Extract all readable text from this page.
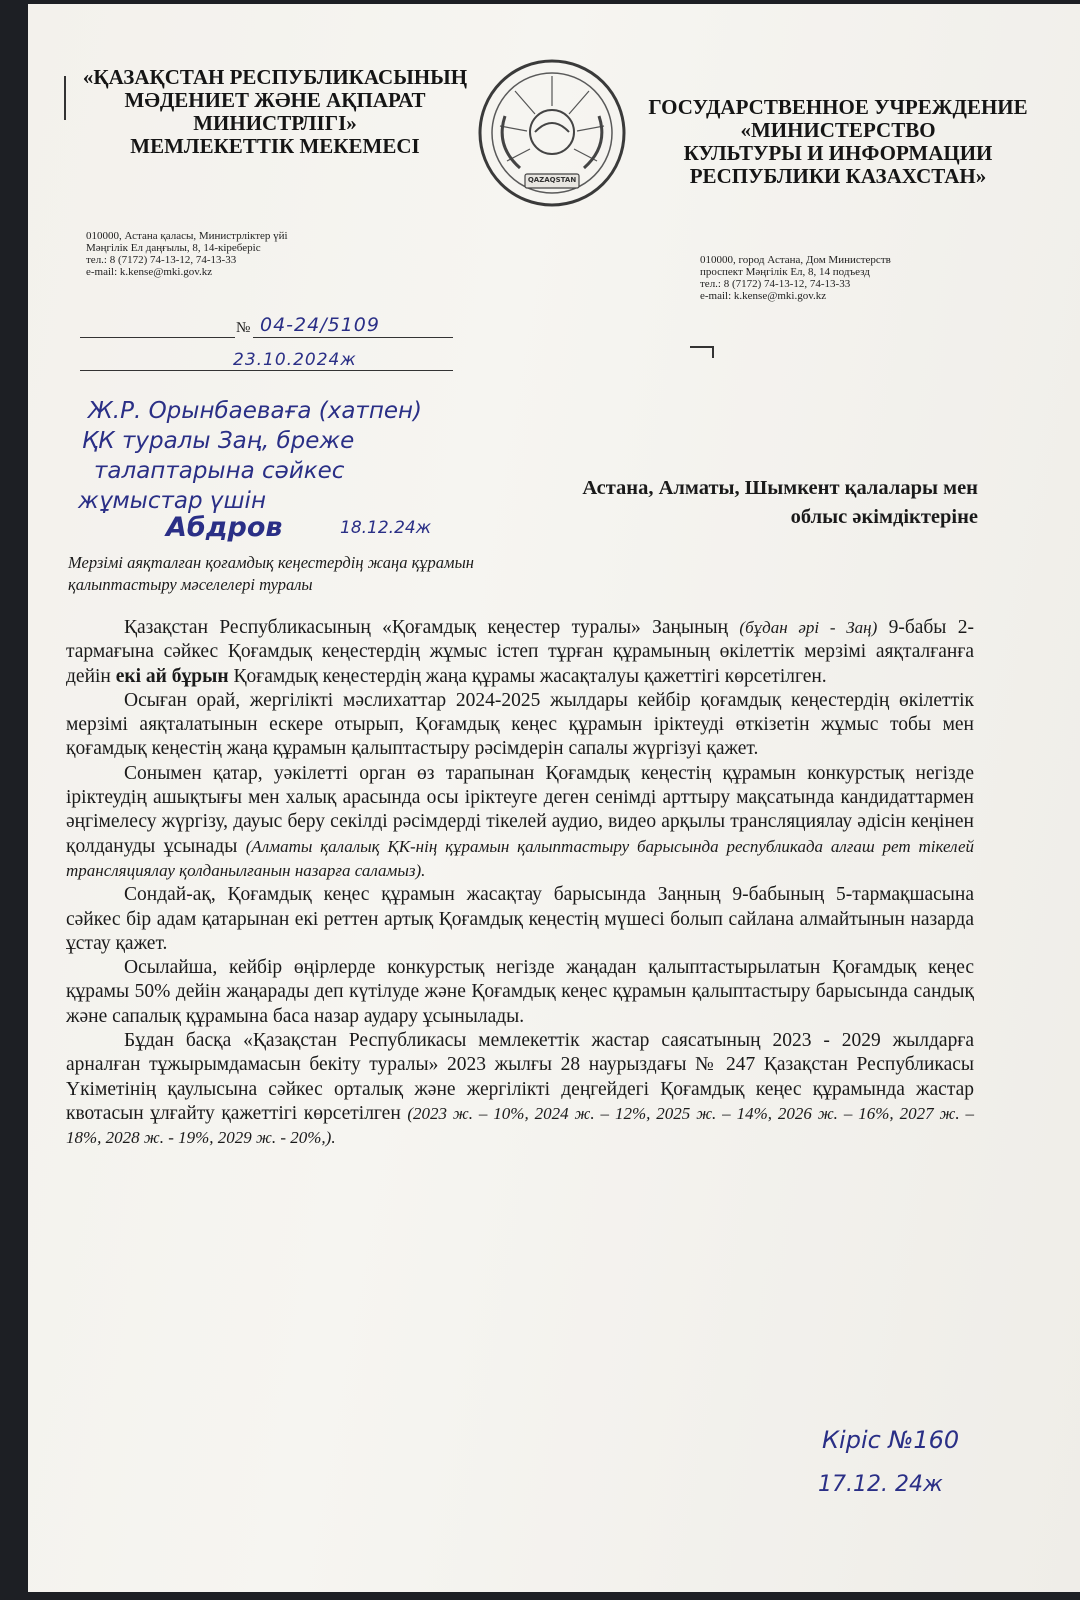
«ҚАЗАҚСТАН РЕСПУБЛИКАСЫНЫҢ
МӘДЕНИЕТ ЖӘНЕ АҚПАРАТ
МИНИСТРЛІГІ»
МЕМЛЕКЕТТІК МЕКЕМЕСІ
QAZAQSTAN
ГОСУДАРСТВЕННОЕ УЧРЕЖДЕНИЕ
«МИНИСТЕРСТВО
КУЛЬТУРЫ И ИНФОРМАЦИИ
РЕСПУБЛИКИ КАЗАХСТАН»
010000, Астана қаласы, Министрліктер үйі
Мәңгілік Ел даңғылы, 8, 14-кіреберіс
тел.: 8 (7172) 74-13-12, 74-13-33
e-mail: k.kense@mki.gov.kz
010000, город Астана, Дом Министерств
проспект Мәңгілік Ел, 8, 14 подъезд
тел.: 8 (7172) 74-13-12, 74-13-33
e-mail: k.kense@mki.gov.kz
№ 04-24/5109
23.10.2024ж
Ж.Р. Орынбаеваға (хатпен)
ҚК туралы Заң, бреже
талаптарына сәйкес
жұмыстар үшін
Абдров	18.12.24ж
Астана, Алматы, Шымкент қалалары мен
облыс әкімдіктеріне
Мерзімі аяқталған қоғамдық кеңестердің жаңа құрамын
қалыптастыру мәселелері туралы

Қазақстан Республикасының «Қоғамдық кеңестер туралы» Заңының (бұдан әрі - Заң) 9-бабы 2-тармағына сәйкес Қоғамдық кеңестердің жұмыс істеп тұрған құрамының өкілеттік мерзімі аяқталғанға дейін екі ай бұрын Қоғамдық кеңестердің жаңа құрамы жасақталуы қажеттігі көрсетілген.

Осыған орай, жергілікті мәслихаттар 2024-2025 жылдары кейбір қоғамдық кеңестердің өкілеттік мерзімі аяқталатынын ескере отырып, Қоғамдық кеңес құрамын іріктеуді өткізетін жұмыс тобы мен қоғамдық кеңестің жаңа құрамын қалыптастыру рәсімдерін сапалы жүргізуі қажет.

Сонымен қатар, уәкілетті орган өз тарапынан Қоғамдық кеңестің құрамын конкурстық негізде іріктеудің ашықтығы мен халық арасында осы іріктеуге деген сенімді арттыру мақсатында кандидаттармен әңгімелесу жүргізу, дауыс беру секілді рәсімдерді тікелей аудио, видео арқылы трансляциялау әдісін кеңінен қолдануды ұсынады (Алматы қалалық ҚК-нің құрамын қалыптастыру барысында республикада алғаш рет тікелей трансляциялау қолданылғанын назарға саламыз).

Сондай-ақ, Қоғамдық кеңес құрамын жасақтау барысында Заңның 9-бабының 5-тармақшасына сәйкес бір адам қатарынан екі реттен артық Қоғамдық кеңестің мүшесі болып сайлана алмайтынын назарда ұстау қажет.

Осылайша, кейбір өңірлерде конкурстық негізде жаңадан қалыптастырылатын Қоғамдық кеңес құрамы 50% дейін жаңарады деп күтілуде және Қоғамдық кеңес құрамын қалыптастыру барысында сандық және сапалық құрамына баса назар аудару ұсынылады.

Бұдан басқа «Қазақстан Республикасы мемлекеттік жастар саясатының 2023 - 2029 жылдарға арналған тұжырымдамасын бекіту туралы» 2023 жылғы 28 наурыздағы № 247 Қазақстан Республикасы Үкіметінің қаулысына сәйкес орталық және жергілікті деңгейдегі Қоғамдық кеңес құрамында жастар квотасын ұлғайту қажеттігі көрсетілген (2023 ж. – 10%, 2024 ж. – 12%, 2025 ж. – 14%, 2026 ж. – 16%, 2027 ж. – 18%, 2028 ж. - 19%, 2029 ж. - 20%,).

Кіріс №160
17.12. 24ж
